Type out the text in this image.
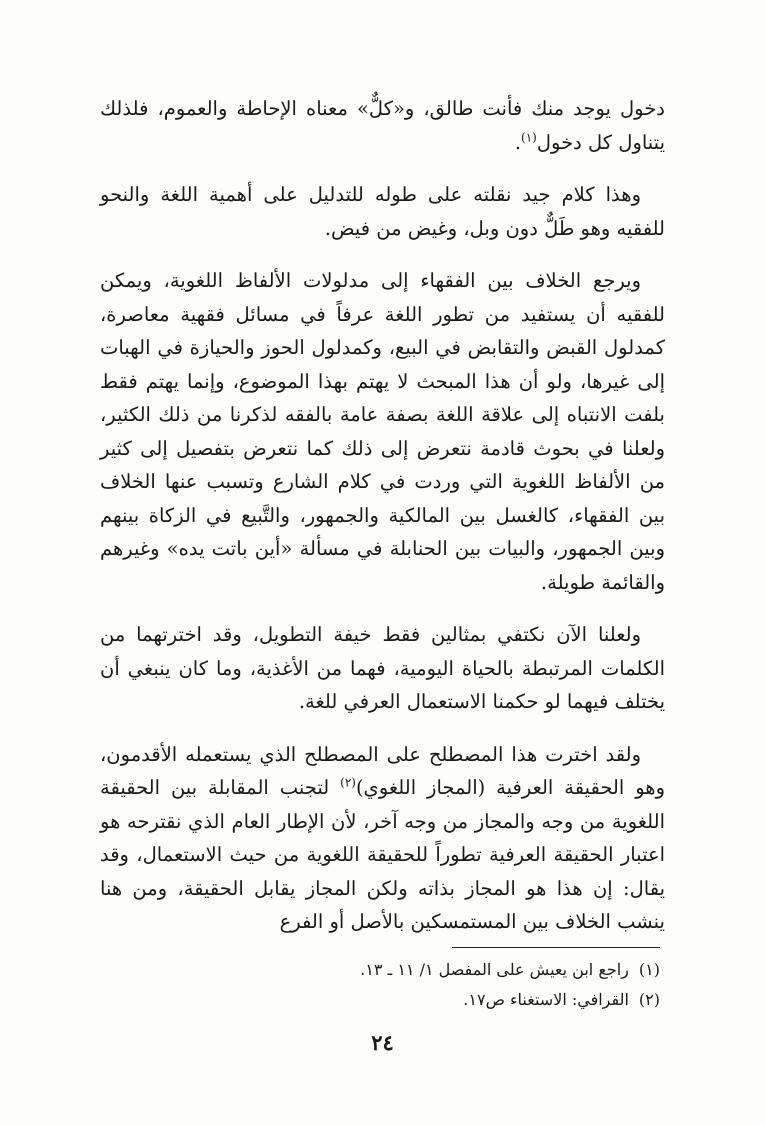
دخول يوجد منك فأنت طالق، و«كلٌّ» معناه الإحاطة والعموم، فلذلك يتناول كل دخول$^{(١)}$.

وهذا كلام جيد نقلته على طوله للتدليل على أهمية اللغة والنحو للفقيه وهو طَلٌّ دون وبل، وغيض من فيض.

ويرجع الخلاف بين الفقهاء إلى مدلولات الألفاظ اللغوية، ويمكن للفقيه أن يستفيد من تطور اللغة عرفاً في مسائل فقهية معاصرة، كمدلول القبض والتقابض في البيع، وكمدلول الحوز والحيازة في الهبات إلى غيرها، ولو أن هذا المبحث لا يهتم بهذا الموضوع، وإنما يهتم فقط بلفت الانتباه إلى علاقة اللغة بصفة عامة بالفقه لذكرنا من ذلك الكثير، ولعلنا في بحوث قادمة نتعرض إلى ذلك كما نتعرض بتفصيل إلى كثير من الألفاظ اللغوية التي وردت في كلام الشارع وتسبب عنها الخلاف بين الفقهاء، كالغسل بين المالكية والجمهور، والتَّبيع في الزكاة بينهم وبين الجمهور، والبيات بين الحنابلة في مسألة «أين باتت يده» وغيرهم والقائمة طويلة.

ولعلنا الآن نكتفي بمثالين فقط خيفة التطويل، وقد اخترتهما من الكلمات المرتبطة بالحياة اليومية، فهما من الأغذية، وما كان ينبغي أن يختلف فيهما لو حكمنا الاستعمال العرفي للغة.

ولقد اخترت هذا المصطلح على المصطلح الذي يستعمله الأقدمون، وهو الحقيقة العرفية (المجاز اللغوي)$^{(٢)}$ لتجنب المقابلة بين الحقيقة اللغوية من وجه والمجاز من وجه آخر، لأن الإطار العام الذي نقترحه هو اعتبار الحقيقة العرفية تطوراً للحقيقة اللغوية من حيث الاستعمال، وقد يقال: إن هذا هو المجاز بذاته ولكن المجاز يقابل الحقيقة، ومن هنا ينشب الخلاف بين المستمسكين بالأصل أو الفرع

(١)راجع ابن يعيش على المفصل ١/ ١١ ـ ١٣.

(٢)القرافي: الاستغناء ص١٧.

٢٤
